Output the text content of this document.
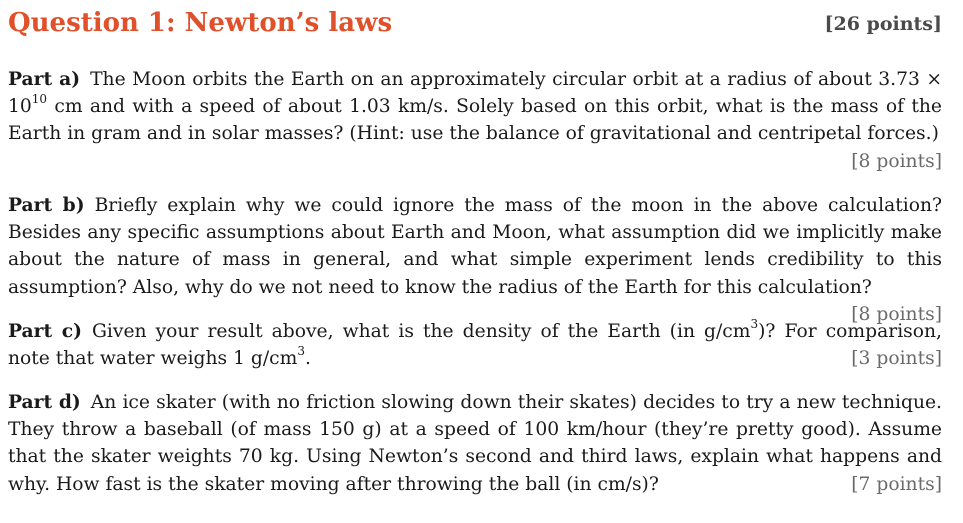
Question 1: Newton’s laws	[26 points]

Part a) The Moon orbits the Earth on an approximately circular orbit at a radius of about $3.73 \times 10^{10}$ cm and with a speed of about 1.03 km/s. Solely based on this orbit, what is the mass of the Earth in gram and in solar masses? (Hint: use the balance of gravitational and centripetal forces.)
[8 points]

Part b) Briefly explain why we could ignore the mass of the moon in the above calculation? Besides any specific assumptions about Earth and Moon, what assumption did we implicitly make about the nature of mass in general, and what simple experiment lends credibility to this assumption? Also, why do we not need to know the radius of the Earth for this calculation?
[8 points]

Part c) Given your result above, what is the density of the Earth (in $g/cm^3$)? For comparison, note that water weighs 1 $g/cm^3$.	[3 points]

Part d) An ice skater (with no friction slowing down their skates) decides to try a new technique. They throw a baseball (of mass 150 g) at a speed of 100 km/hour (they’re pretty good). Assume that the skater weights 70 kg. Using Newton’s second and third laws, explain what happens and why. How fast is the skater moving after throwing the ball (in cm/s)?	[7 points]
